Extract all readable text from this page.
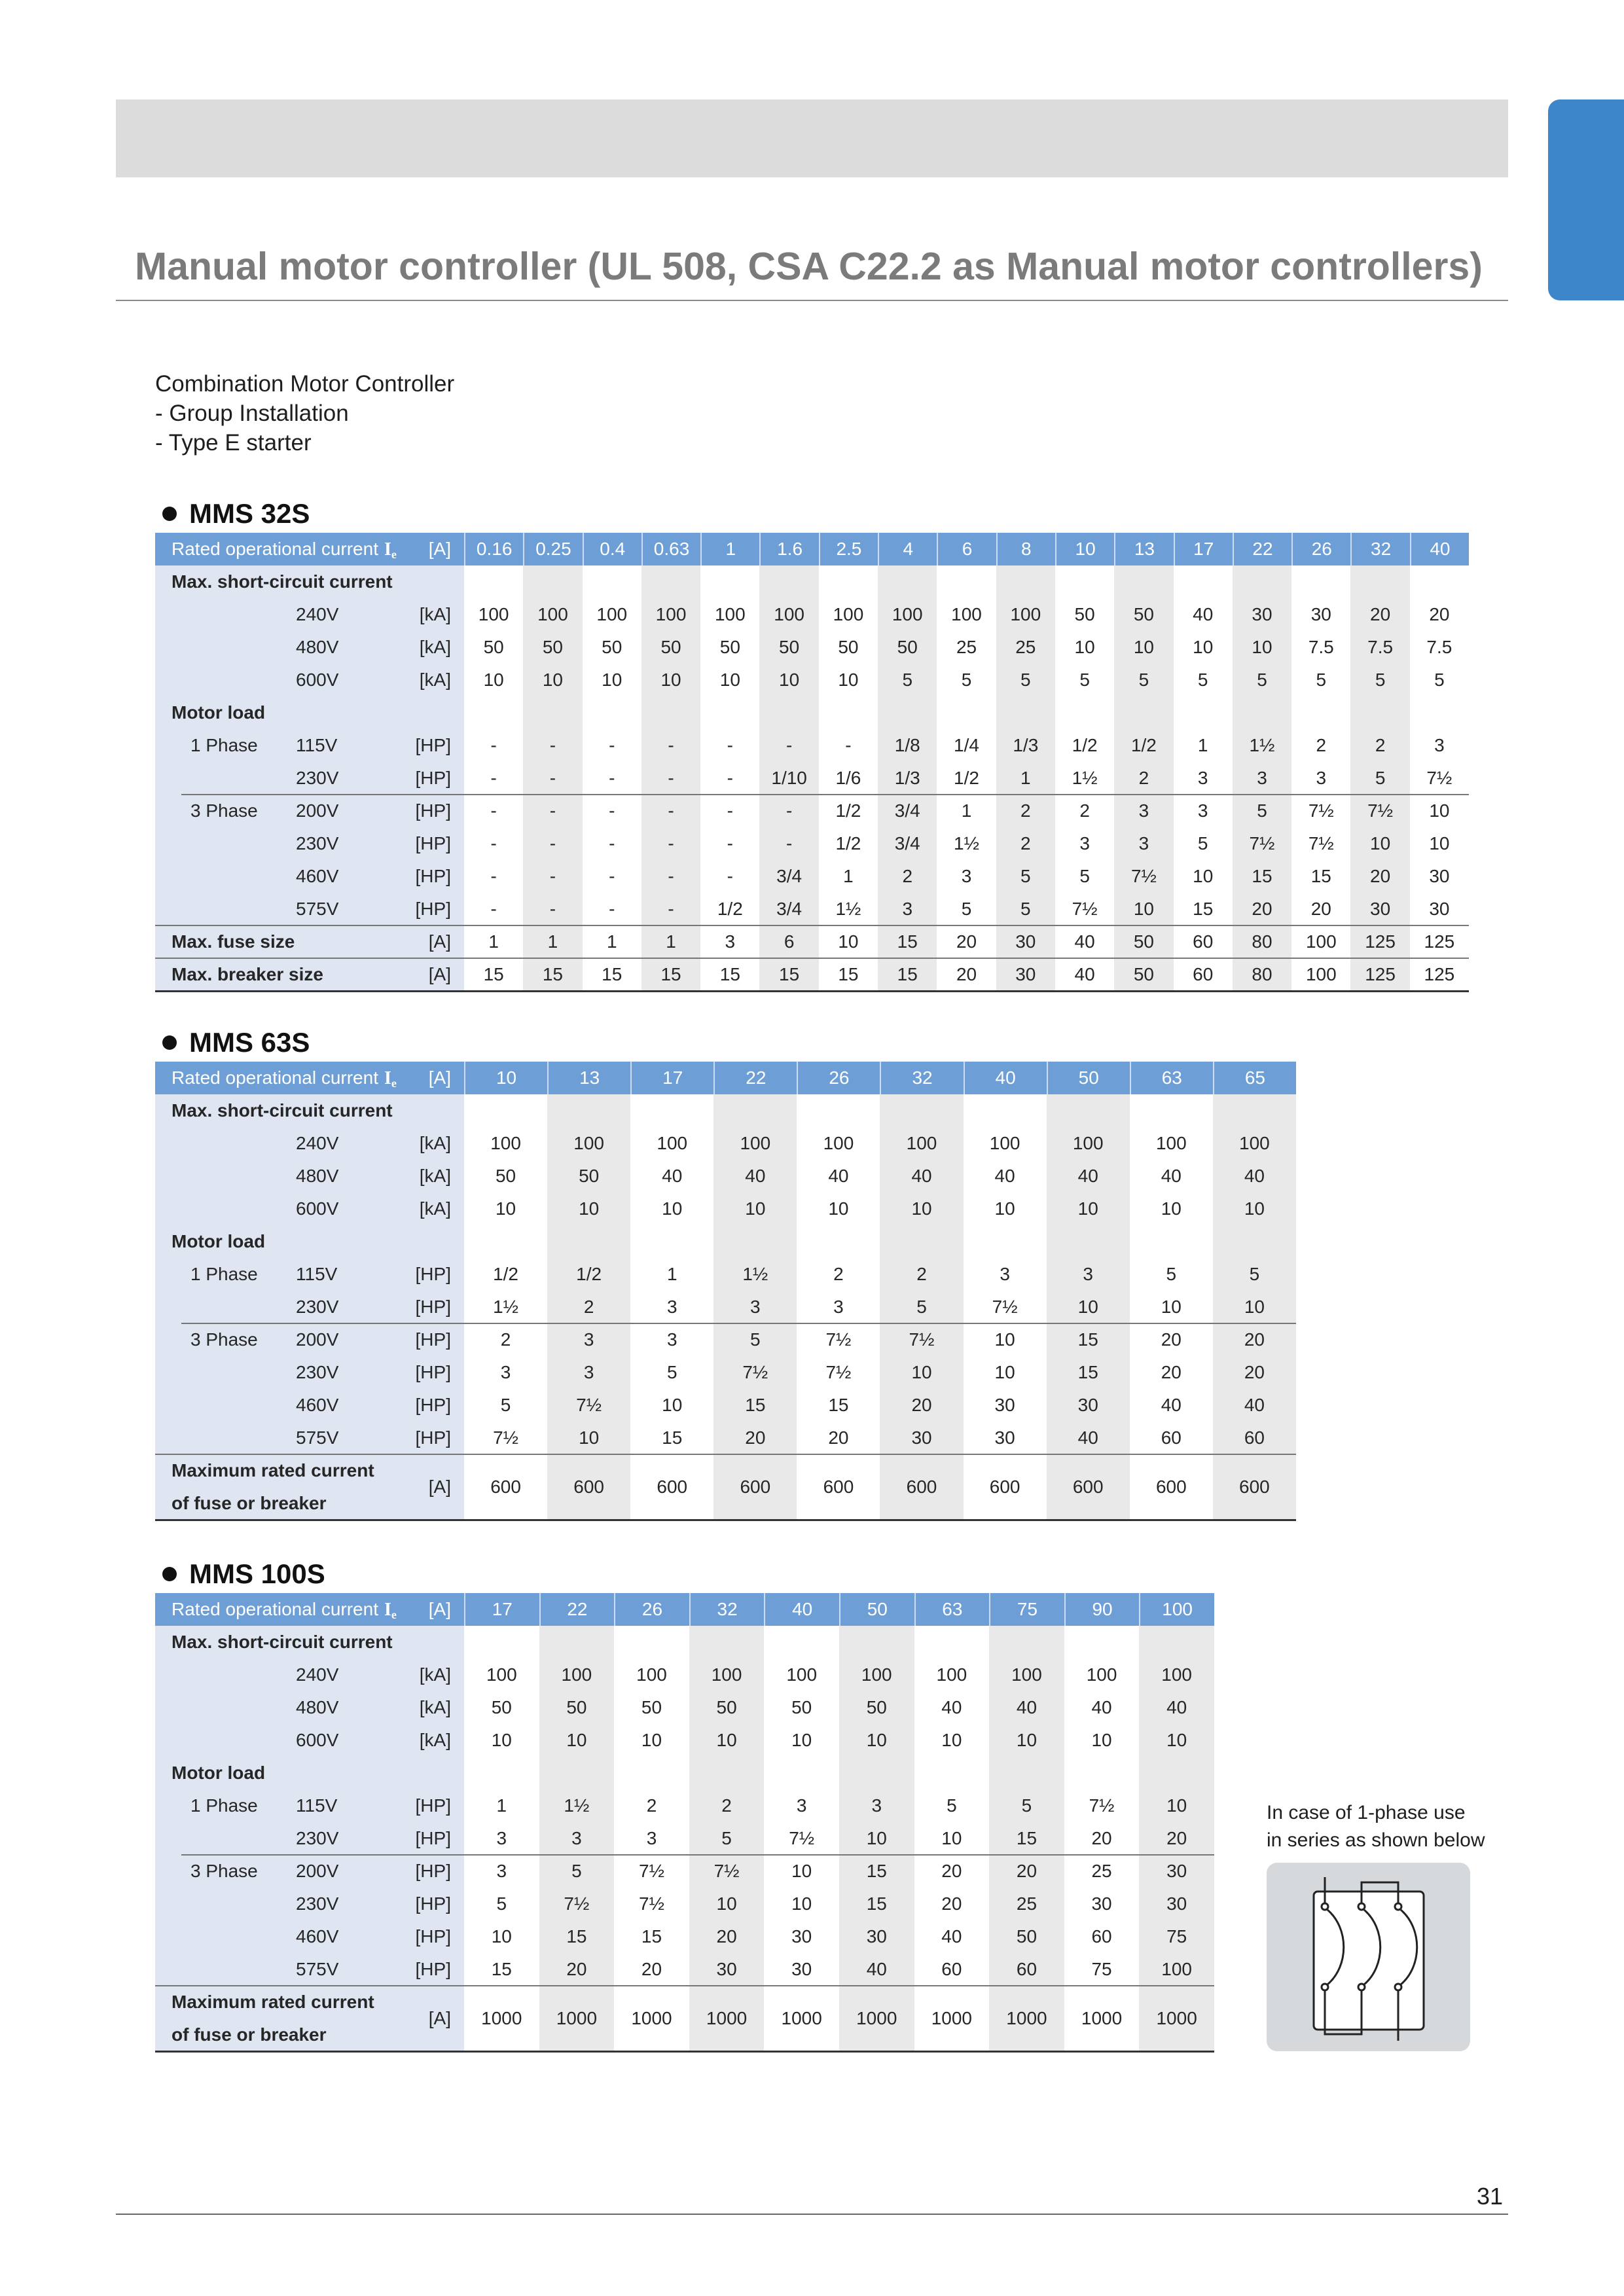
Manual motor controller (UL 508, CSA C22.2 as Manual motor controllers)
Combination Motor Controller
- Group Installation
- Type E starter
MMS 32S
Rated operational current $I_e$ [A]	0.16	0.25	0.4	0.63	1	1.6	2.5	4	6	8	10	13	17	22	26	32	40
Max. short-circuit current
240V	[kA]	100	100	100	100	100	100	100	100	100	100	50	50	40	30	30	20	20
480V	[kA]	50	50	50	50	50	50	50	50	25	25	10	10	10	10	7.5	7.5	7.5
600V	[kA]	10	10	10	10	10	10	10	5	5	5	5	5	5	5	5	5	5
Motor load
1 Phase 115V	[HP]	-	-	-	-	-	-	-	1/8	1/4	1/3	1/2	1/2	1	1½	2	2	3
230V	[HP]	-	-	-	-	-	1/10	1/6	1/3	1/2	1	1½	2	3	3	3	5	7½
3 Phase 200V	[HP]	-	-	-	-	-	-	1/2	3/4	1	2	2	3	3	5	7½	7½	10
230V	[HP]	-	-	-	-	-	-	1/2	3/4	1½	2	3	3	5	7½	7½	10	10
460V	[HP]	-	-	-	-	-	3/4	1	2	3	5	5	7½	10	15	15	20	30
575V	[HP]	-	-	-	-	1/2	3/4	1½	3	5	5	7½	10	15	20	20	30	30
Max. fuse size	[A]	1	1	1	1	3	6	10	15	20	30	40	50	60	80	100	125	125
Max. breaker size	[A]	15	15	15	15	15	15	15	15	20	30	40	50	60	80	100	125	125
MMS 63S
Rated operational current $I_e$ [A]	10	13	17	22	26	32	40	50	63	65
Max. short-circuit current
240V	[kA]	100	100	100	100	100	100	100	100	100	100
480V	[kA]	50	50	40	40	40	40	40	40	40	40
600V	[kA]	10	10	10	10	10	10	10	10	10	10
Motor load
1 Phase 115V	[HP]	1/2	1/2	1	1½	2	2	3	3	5	5
230V	[HP]	1½	2	3	3	3	5	7½	10	10	10
3 Phase 200V	[HP]	2	3	3	5	7½	7½	10	15	20	20
230V	[HP]	3	3	5	7½	7½	10	10	15	20	20
460V	[HP]	5	7½	10	15	15	20	30	30	40	40
575V	[HP]	7½	10	15	20	20	30	30	40	60	60
Maximum rated current
of fuse or breaker
[A]	600	600	600	600	600	600	600	600	600	600
MMS 100S
Rated operational current $I_e$ [A]	17	22	26	32	40	50	63	75	90	100
Max. short-circuit current
240V	[kA]	100	100	100	100	100	100	100	100	100	100
480V	[kA]	50	50	50	50	50	50	40	40	40	40
600V	[kA]	10	10	10	10	10	10	10	10	10	10
Motor load
1 Phase 115V	[HP]	1	1½	2	2	3	3	5	5	7½	10
230V	[HP]	3	3	3	5	7½	10	10	15	20	20
3 Phase 200V	[HP]	3	5	7½	7½	10	15	20	20	25	30
230V	[HP]	5	7½	7½	10	10	15	20	25	30	30
460V	[HP]	10	15	15	20	30	30	40	50	60	75
575V	[HP]	15	20	20	30	30	40	60	60	75	100
Maximum rated current
of fuse or breaker
[A]	1000	1000	1000	1000	1000	1000	1000	1000	1000	1000
In case of 1-phase use
in series as shown below
31
